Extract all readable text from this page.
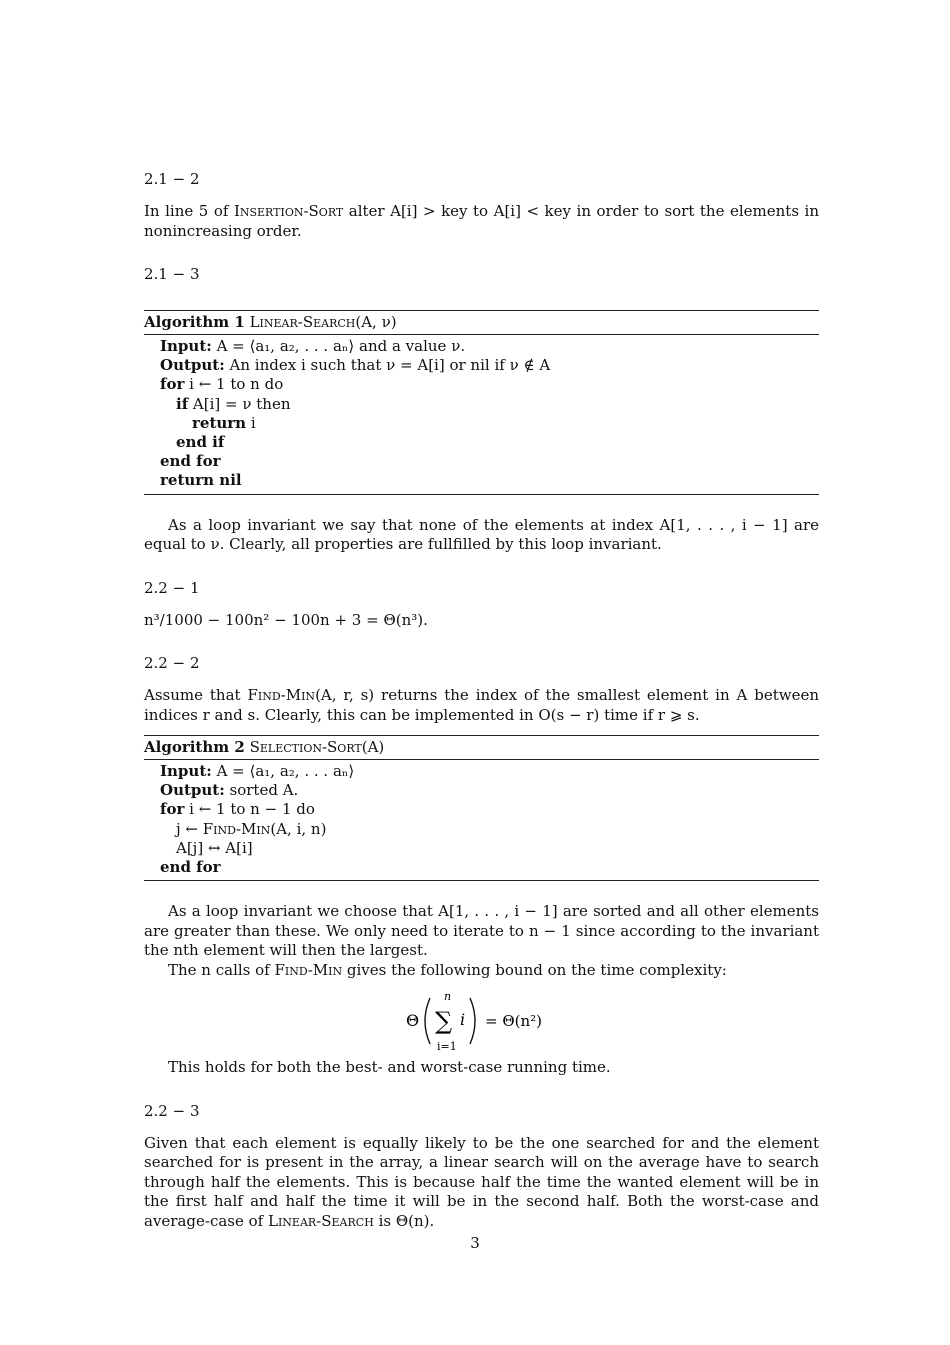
2.1 − 2

In line 5 of Insertion-Sort alter A[i] > key to A[i] < key in order to sort the elements in nonincreasing order.

2.1 − 3

Algorithm 1 Linear-Search(A, ν)
Input: A = ⟨a₁, a₂, . . . aₙ⟩ and a value ν.
Output: An index i such that ν = A[i] or nil if ν ∉ A
for i ← 1 to n do
if A[i] = ν then
return i
end if
end for
return nil

As a loop invariant we say that none of the elements at index A[1, . . . , i − 1] are equal to ν. Clearly, all properties are fullfilled by this loop invariant.

2.2 − 1

n³/1000 − 100n² − 100n + 3 = Θ(n³).

2.2 − 2

Assume that Find-Min(A, r, s) returns the index of the smallest element in A between indices r and s. Clearly, this can be implemented in O(s − r) time if r ⩾ s.

Algorithm 2 Selection-Sort(A)
Input: A = ⟨a₁, a₂, . . . aₙ⟩
Output: sorted A.
for i ← 1 to n − 1 do
j ← Find-Min(A, i, n)
A[j] ↔ A[i]
end for

As a loop invariant we choose that A[1, . . . , i − 1] are sorted and all other elements are greater than these. We only need to iterate to n − 1 since according to the invariant the nth element will then the largest.

The n calls of Find-Min gives the following bound on the time complexity:

Θ
n
∑
i=1
i = Θ(n²)

This holds for both the best- and worst-case running time.

2.2 − 3

Given that each element is equally likely to be the one searched for and the element searched for is present in the array, a linear search will on the average have to search through half the elements. This is because half the time the wanted element will be in the first half and half the time it will be in the second half. Both the worst-case and average-case of Linear-Search is Θ(n).

3
